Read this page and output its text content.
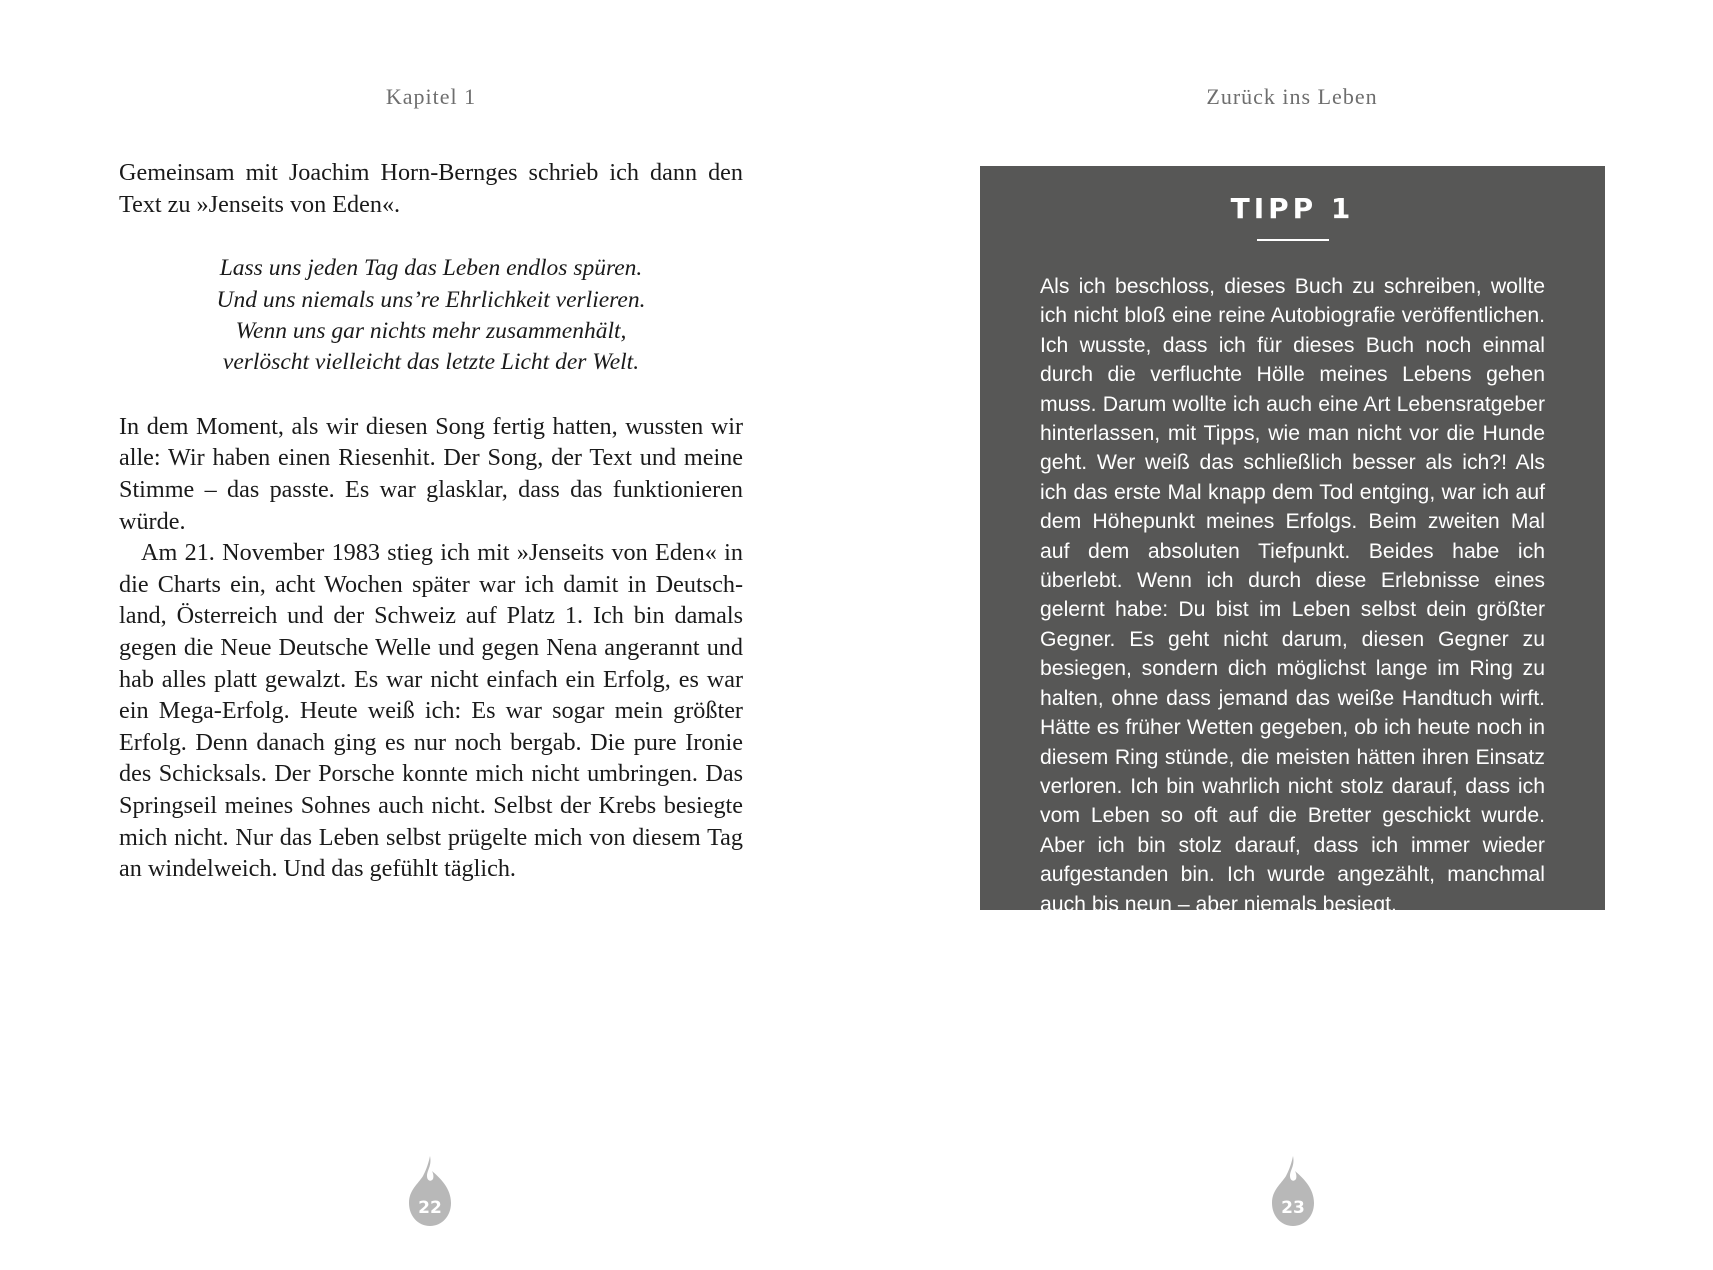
Kapitel 1

Gemeinsam mit Joachim Horn-Bernges schrieb ich dann den Text zu »Jenseits von Eden«.

Lass uns jeden Tag das Leben endlos spüren.
Und uns niemals uns’re Ehrlichkeit verlieren.
Wenn uns gar nichts mehr zusammenhält,
verlöscht vielleicht das letzte Licht der Welt.

In dem Moment, als wir diesen Song fertig hatten, wussten wir alle: Wir haben einen Riesenhit. Der Song, der Text und meine Stimme – das passte. Es war glasklar, dass das funktionieren würde.

Am 21. November 1983 stieg ich mit »Jenseits von Eden« in die Charts ein, acht Wochen später war ich damit in Deutschland, Österreich und der Schweiz auf Platz 1. Ich bin damals gegen die Neue Deutsche Welle und gegen Nena angerannt und hab alles platt gewalzt. Es war nicht einfach ein Erfolg, es war ein Mega-Erfolg. Heute weiß ich: Es war sogar mein größter Erfolg. Denn danach ging es nur noch bergab. Die pure Ironie des Schicksals. Der Porsche konnte mich nicht umbringen. Das Springseil meines Sohnes auch nicht. Selbst der Krebs besiegte mich nicht. Nur das Leben selbst prügelte mich von diesem Tag an windelweich. Und das gefühlt täglich.

22
Zurück ins Leben
TIPP 1
Als ich beschloss, dieses Buch zu schreiben, wollte ich nicht bloß eine reine Autobiografie veröffentlichen. Ich wusste, dass ich für dieses Buch noch einmal durch die verfluchte Hölle meines Lebens gehen muss. Darum wollte ich auch eine Art Lebensratgeber hinterlassen, mit Tipps, wie man nicht vor die Hunde geht. Wer weiß das schließlich besser als ich?! Als ich das erste Mal knapp dem Tod entging, war ich auf dem Höhepunkt meines Erfolgs. Beim zweiten Mal auf dem absoluten Tiefpunkt. Beides habe ich überlebt. Wenn ich durch diese Erlebnisse eines gelernt habe: Du bist im Leben selbst dein größter Gegner. Es geht nicht darum, diesen Gegner zu besiegen, sondern dich möglichst lange im Ring zu halten, ohne dass jemand das weiße Handtuch wirft. Hätte es früher Wetten gegeben, ob ich heute noch in diesem Ring stünde, die meisten hätten ihren Einsatz verloren. Ich bin wahrlich nicht stolz darauf, dass ich vom Leben so oft auf die Bretter geschickt wurde. Aber ich bin stolz darauf, dass ich immer wieder aufgestanden bin. Ich wurde angezählt, manchmal auch bis neun – aber niemals besiegt.
23
